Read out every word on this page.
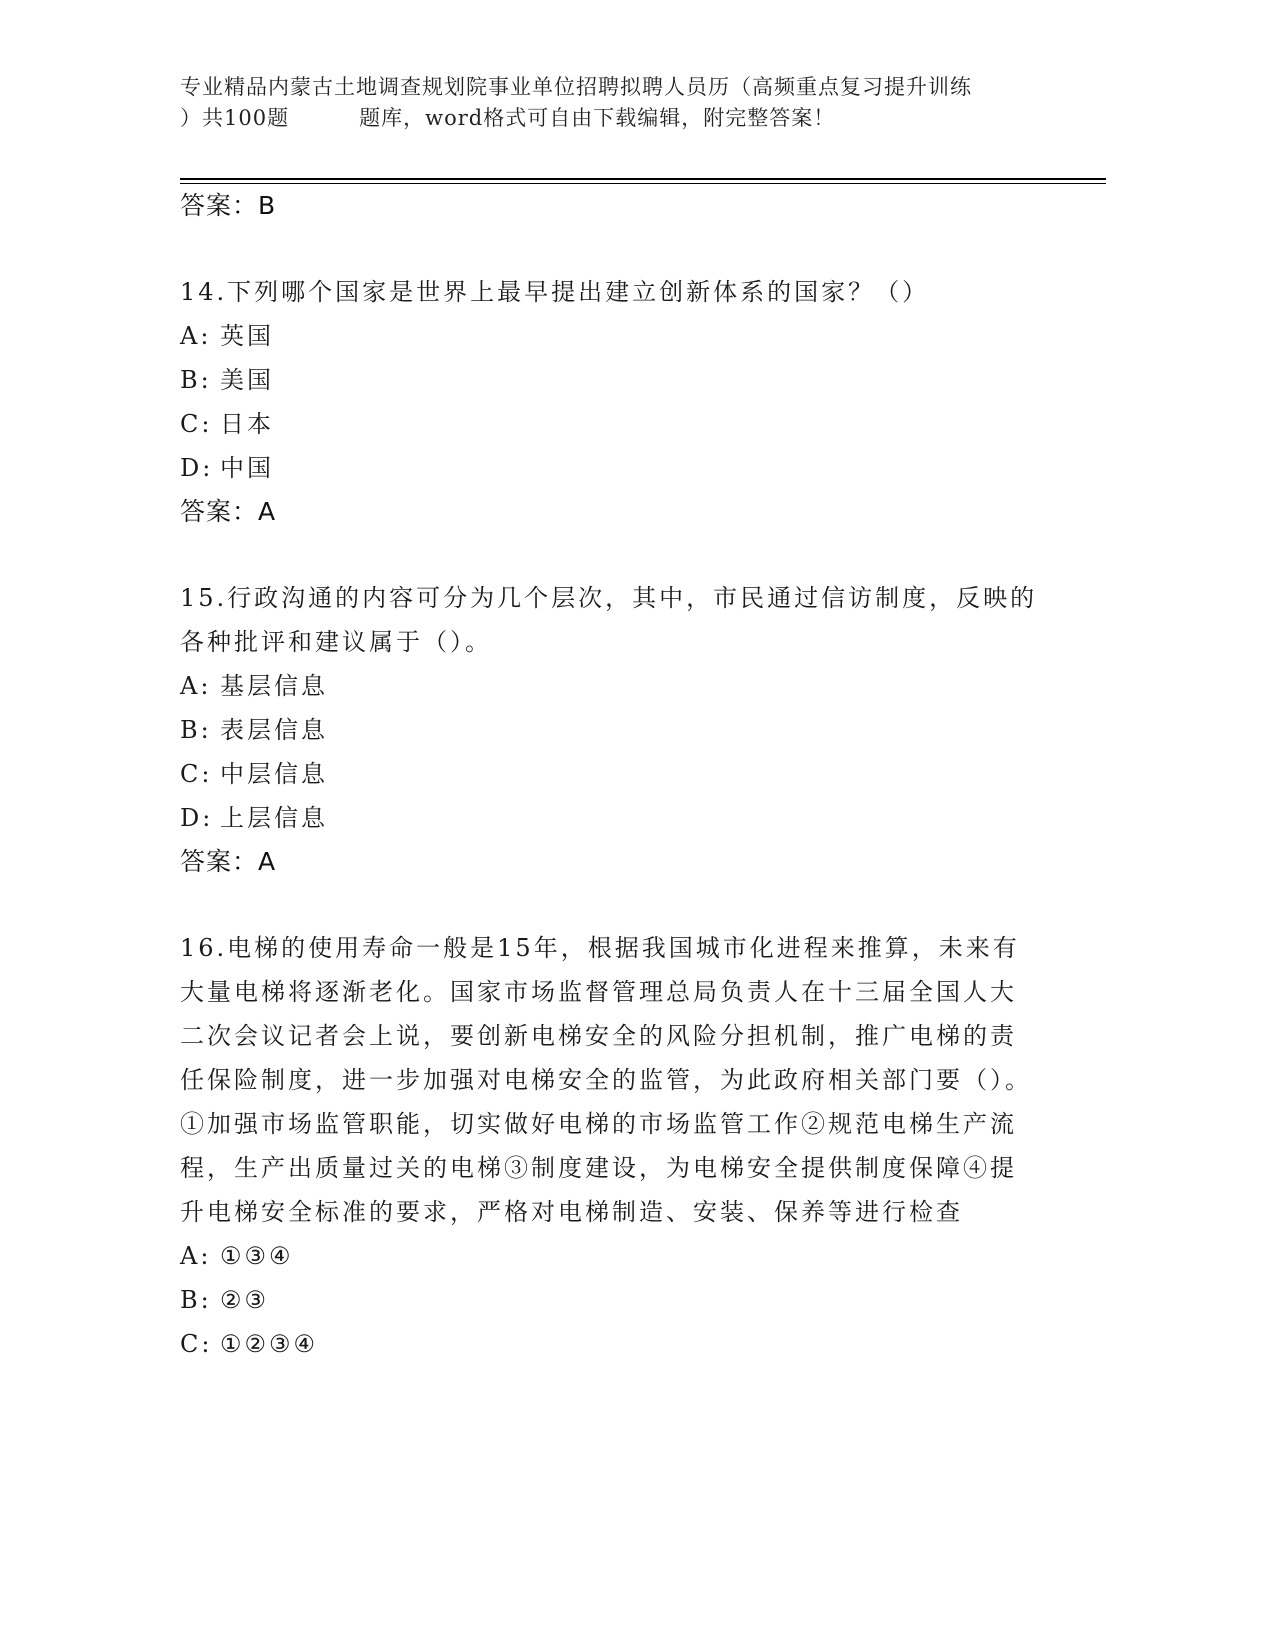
专业精品内蒙古土地调查规划院事业单位招聘拟聘人员历（高频重点复习提升训练
）共100题	题库，word格式可自由下载编辑，附完整答案！
答案：B
14.下列哪个国家是世界上最早提出建立创新体系的国家？（）
A: 英国
B: 美国
C: 日本
D: 中国
答案：A
15.行政沟通的内容可分为几个层次，其中，市民通过信访制度，反映的各种批评和建议属于（）。
A: 基层信息
B: 表层信息
C: 中层信息
D: 上层信息
答案：A
16.电梯的使用寿命一般是15年，根据我国城市化进程来推算，未来有大量电梯将逐渐老化。国家市场监督管理总局负责人在十三届全国人大二次会议记者会上说，要创新电梯安全的风险分担机制，推广电梯的责任保险制度，进一步加强对电梯安全的监管，为此政府相关部门要（）。①加强市场监管职能，切实做好电梯的市场监管工作②规范电梯生产流程，生产出质量过关的电梯③制度建设，为电梯安全提供制度保障④提升电梯安全标准的要求，严格对电梯制造、安装、保养等进行检查
A: ①③④
B: ②③
C: ①②③④
